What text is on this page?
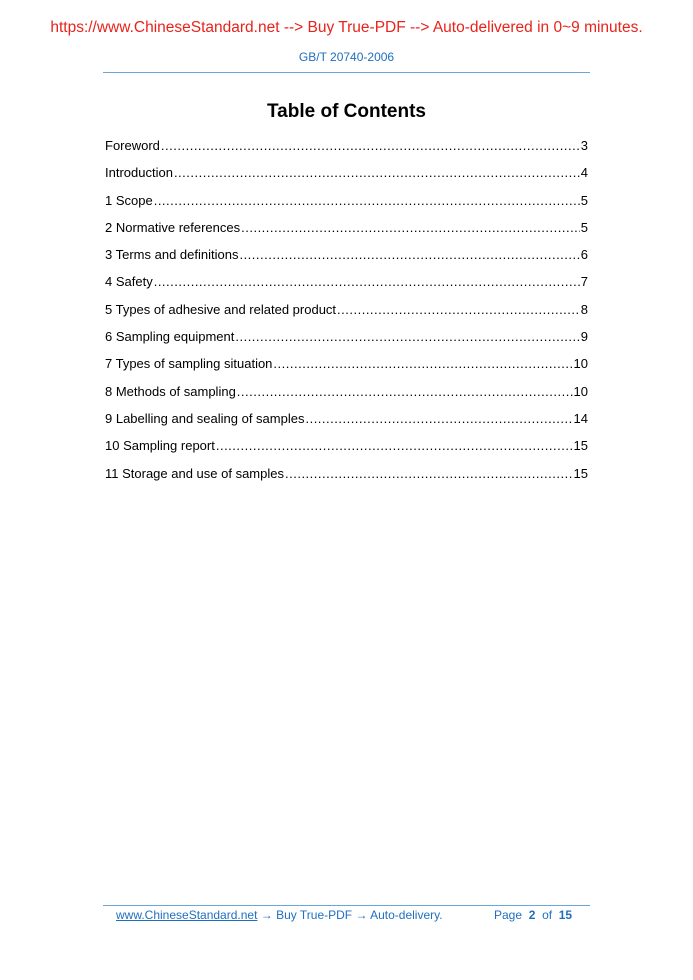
https://www.ChineseStandard.net --> Buy True-PDF --> Auto-delivered in 0~9 minutes.
GB/T 20740-2006
Table of Contents
Foreword .....	3
Introduction .....	4
1 Scope .....	5
2 Normative references .....	5
3 Terms and definitions .....	6
4 Safety .....	7
5 Types of adhesive and related product .....	8
6 Sampling equipment .....	9
7 Types of sampling situation .....	10
8 Methods of sampling .....	10
9 Labelling and sealing of samples .....	14
10 Sampling report .....	15
11 Storage and use of samples .....	15
www.ChineseStandard.net → Buy True-PDF → Auto-delivery.	Page 2 of 15
